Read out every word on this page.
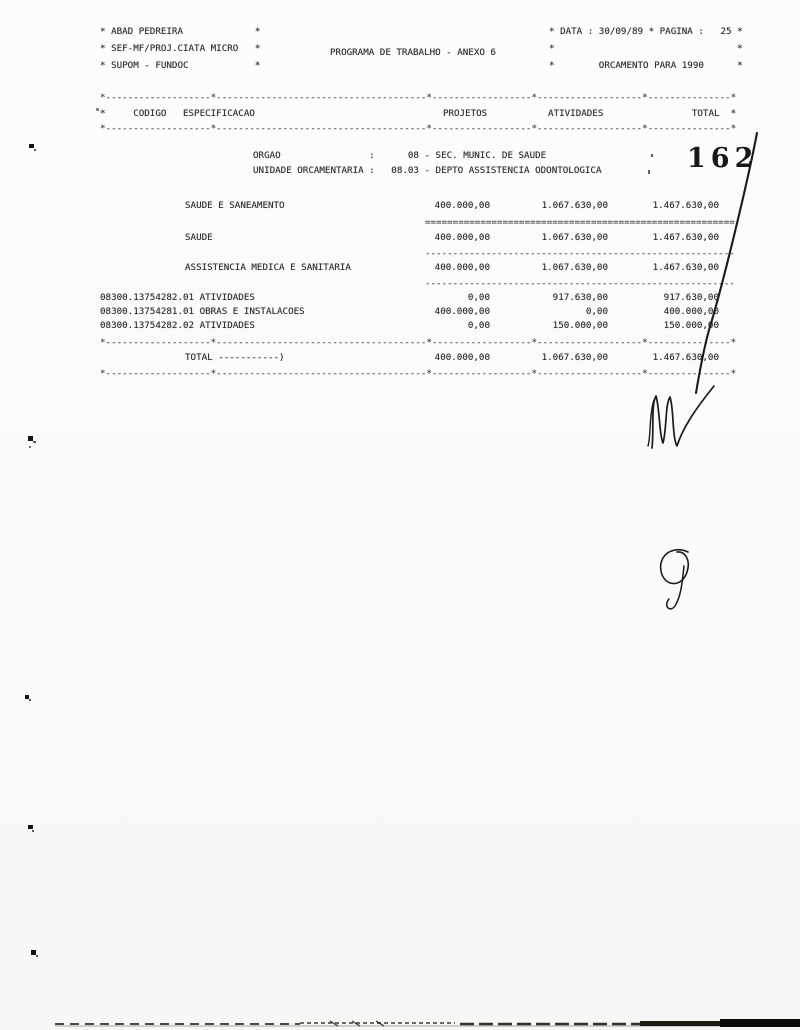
* ABAD PEDREIRA             *
* SEF-MF/PROJ.CIATA MICRO   *
* SUPOM - FUNDOC            *
PROGRAMA DE TRABALHO - ANEXO 6
* DATA : 30/09/89 * PAGINA :   25 *
*                                 *
*        ORCAMENTO PARA 1990      *
*-------------------*--------------------------------------*------------------*-------------------*---------------*
*     CODIGO   ESPECIFICACAO                                  PROJETOS           ATIVIDADES                TOTAL  *
*-------------------*--------------------------------------*------------------*-------------------*---------------*
ORGAO                :      08 - SEC. MUNIC. DE SAUDE
UNIDADE ORCAMENTARIA :   08.03 - DEPTO ASSISTENCIA ODONTOLOGICA	162
SAUDE E SANEAMENTO	400.000,00	1.067.630,00	1.467.630,00
========================================================
SAUDE	400.000,00	1.067.630,00	1.467.630,00
--------------------------------------------------------
ASSISTENCIA MEDICA E SANITARIA	400.000,00	1.067.630,00	1.467.630,00
--------------------------------------------------------
08300.13754282.01 ATIVIDADES	0,00	917.630,00	917.630,00
08300.13754281.01 OBRAS E INSTALACOES	400.000,00	0,00	400.000,00
08300.13754282.02 ATIVIDADES	0,00	150.000,00	150.000,00
*-------------------*--------------------------------------*------------------*-------------------*---------------*
TOTAL -----------)	400.000,00	1.067.630,00	1.467.630,00
*-------------------*--------------------------------------*------------------*-------------------*---------------*
